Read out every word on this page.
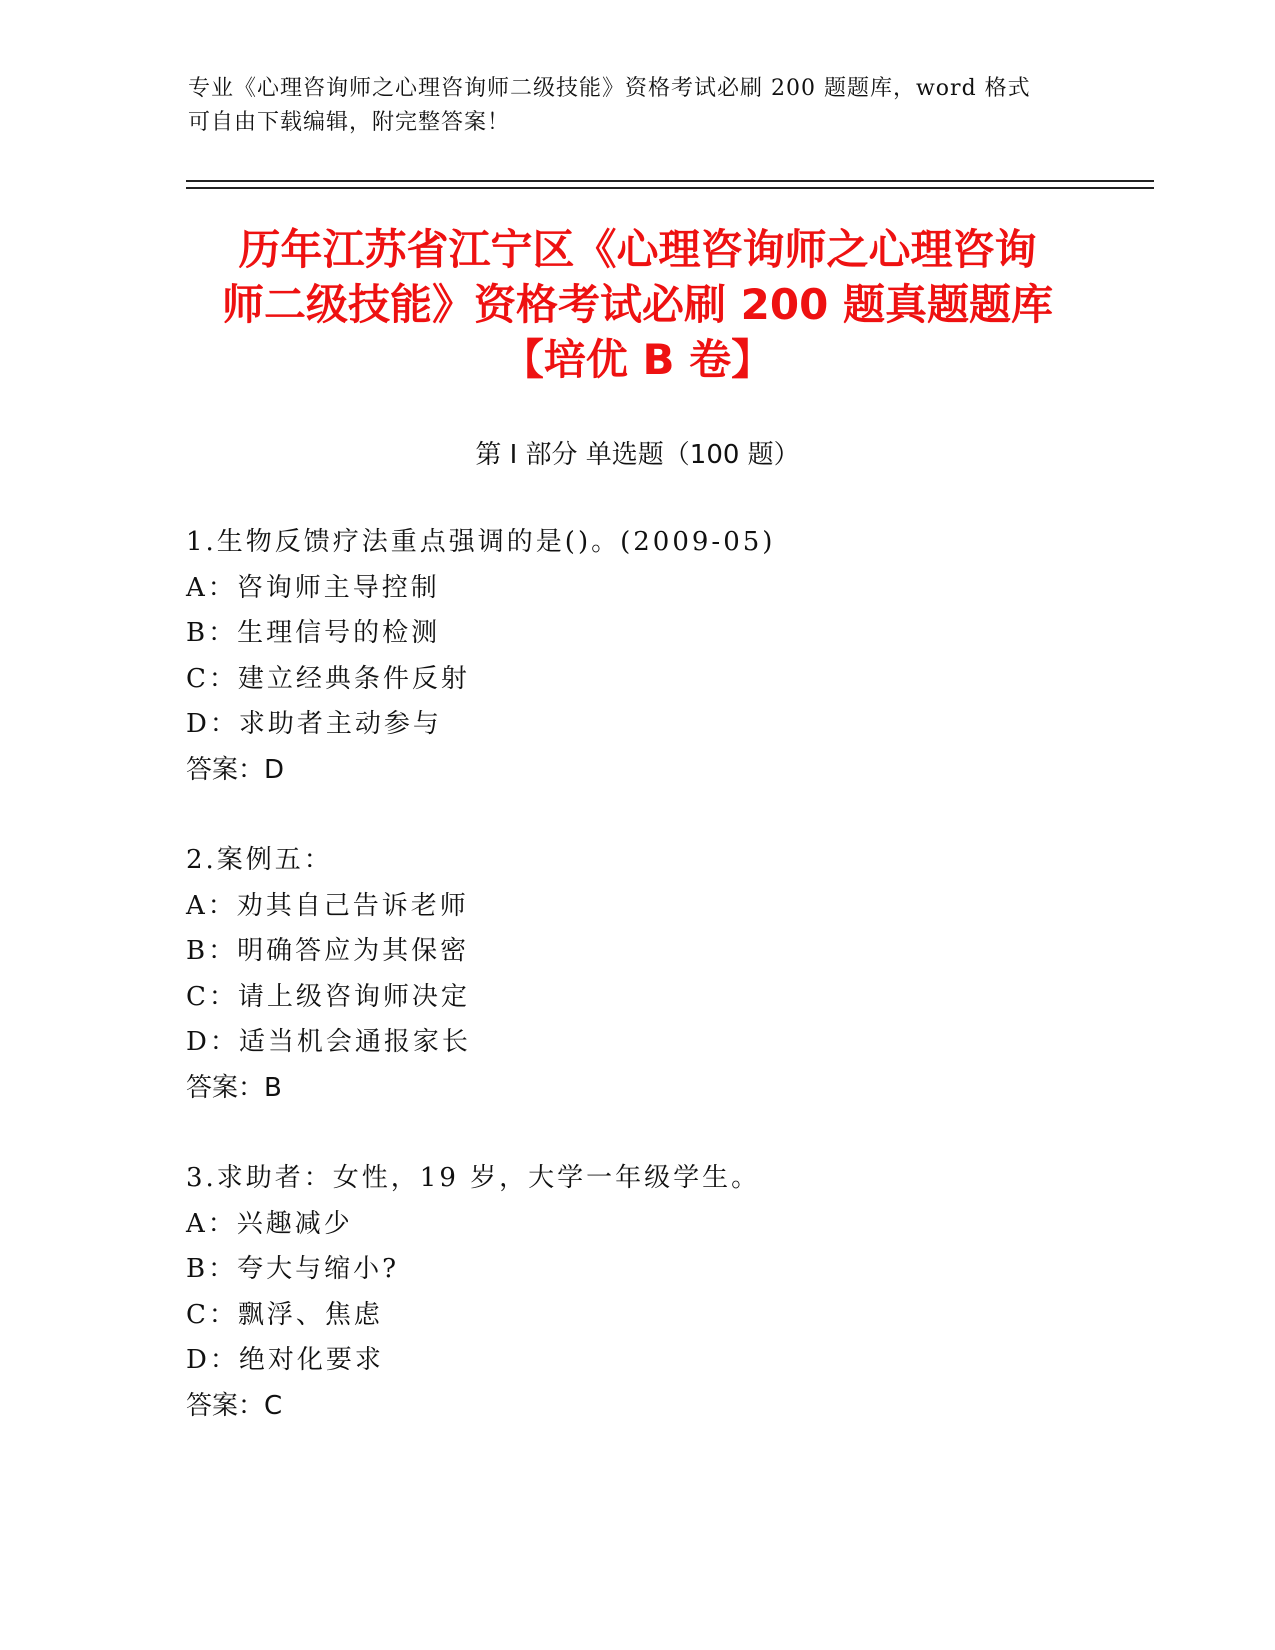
专业《心理咨询师之心理咨询师二级技能》资格考试必刷 200 题题库，word 格式
可自由下载编辑，附完整答案！
历年江苏省江宁区《心理咨询师之心理咨询
师二级技能》资格考试必刷 200 题真题题库
【培优 B 卷】
第 I 部分 单选题（100 题）
1.生物反馈疗法重点强调的是()。(2009-05)
A：咨询师主导控制
B：生理信号的检测
C：建立经典条件反射
D：求助者主动参与
答案：D
2.案例五：
A：劝其自己告诉老师
B：明确答应为其保密
C：请上级咨询师决定
D：适当机会通报家长
答案：B
3.求助者：女性，19 岁，大学一年级学生。
A：兴趣减少
B：夸大与缩小?
C：飘浮、焦虑
D：绝对化要求
答案：C
